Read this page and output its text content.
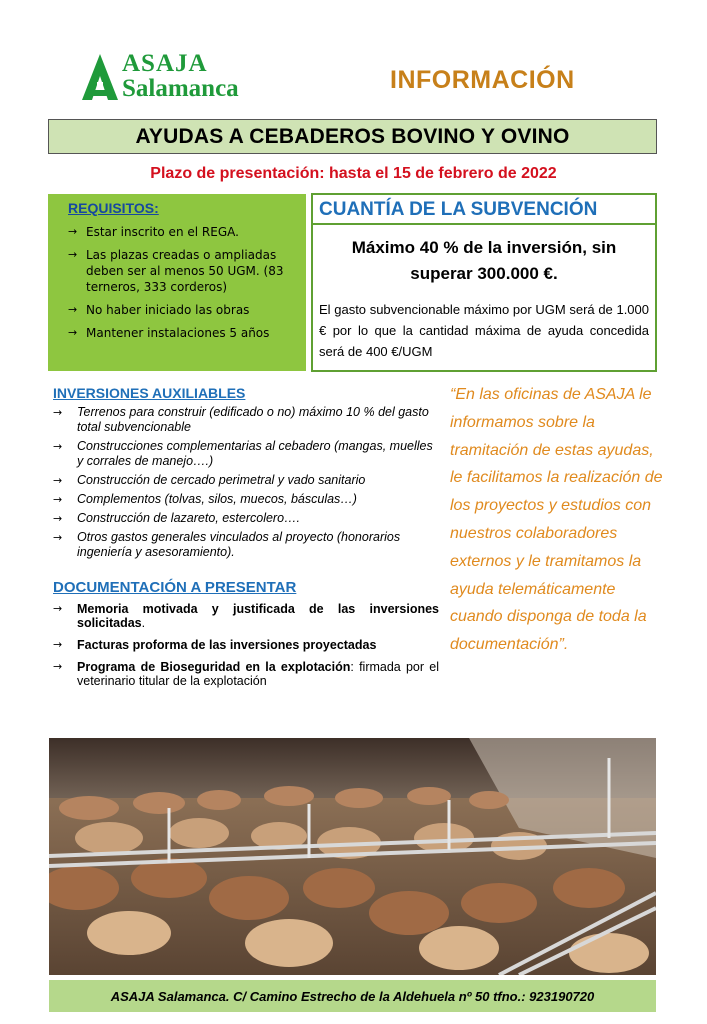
ASAJA
Salamanca	INFORMACIÓN
AYUDAS A CEBADEROS BOVINO Y OVINO
Plazo de presentación: hasta el 15 de febrero de 2022
REQUISITOS:
→ Estar inscrito en el REGA.
→ Las plazas creadas o ampliadas deben ser al menos 50 UGM. (83 terneros, 333 corderos)
→ No haber iniciado las obras
→ Mantener instalaciones 5 años
CUANTÍA DE LA SUBVENCIÓN
Máximo 40 % de la inversión, sin superar 300.000 €.
El gasto subvencionable máximo por UGM será de 1.000 € por lo que la cantidad máxima de ayuda concedida será de 400 €/UGM
INVERSIONES AUXILIABLES
→ Terrenos para construir (edificado o no) máximo 10 % del gasto total subvencionable
→ Construcciones complementarias al cebadero (mangas, muelles y corrales de manejo….)
→ Construcción de cercado perimetral y vado sanitario
→ Complementos (tolvas, silos, muecos, básculas…)
→ Construcción de lazareto, estercolero….
→ Otros gastos generales vinculados al proyecto (honorarios ingeniería y asesoramiento).
DOCUMENTACIÓN A PRESENTAR
→ Memoria motivada y justificada de las inversiones solicitadas.
→ Facturas proforma de las inversiones proyectadas
→ Programa de Bioseguridad en la explotación: firmada por el veterinario titular de la explotación
“En las oficinas de ASAJA le informamos sobre la tramitación de estas ayudas, le facilitamos la realización de los proyectos y estudios con nuestros colaboradores externos y le tramitamos la ayuda telemáticamente cuando disponga de toda la documentación”.
ASAJA Salamanca. C/ Camino Estrecho de la Aldehuela nº 50 tfno.: 923190720
